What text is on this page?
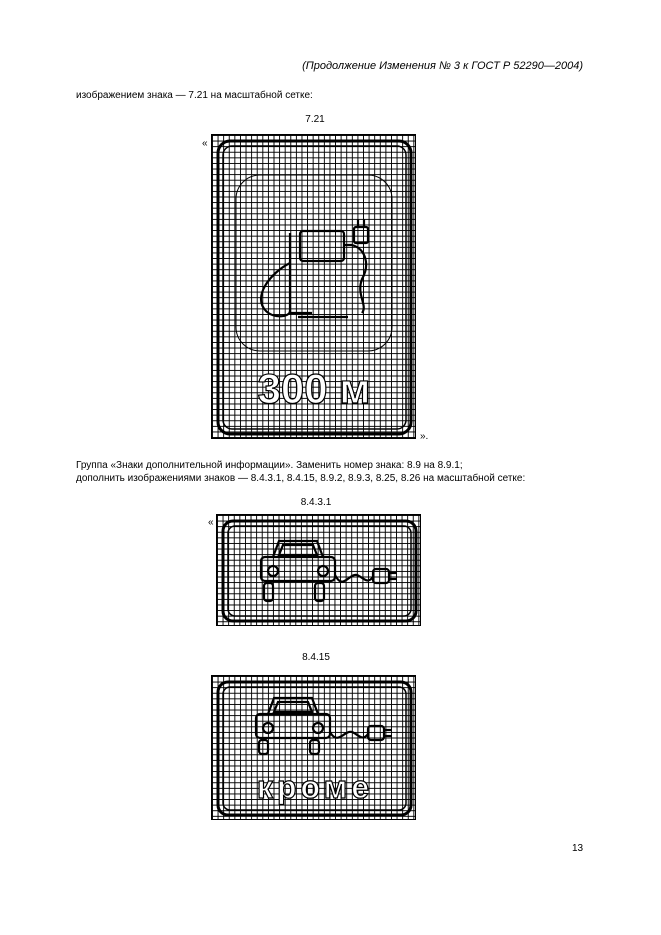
(Продолжение Изменения № 3 к ГОСТ Р 52290—2004)
изображением знака — 7.21 на масштабной сетке:
7.21
«
300 м
».
Группа «Знаки дополнительной информации». Заменить номер знака: 8.9 на 8.9.1;
дополнить изображениями знаков — 8.4.3.1, 8.4.15, 8.9.2, 8.9.3, 8.25, 8.26 на масштабной сетке:
8.4.3.1
«
8.4.15
кроме
13
